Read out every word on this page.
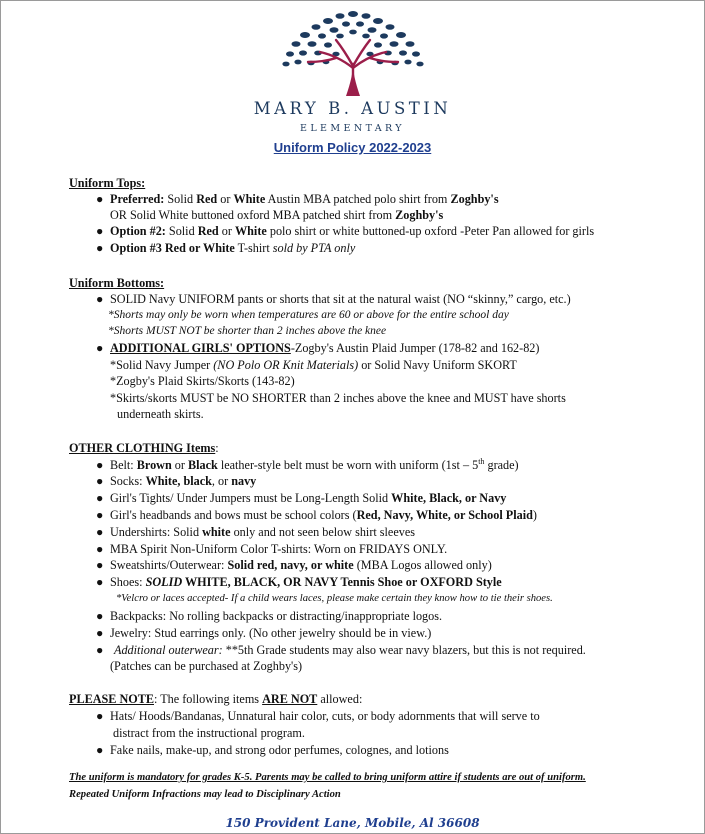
MARY B. AUSTIN
ELEMENTARY
Uniform Policy 2022-2023
Uniform Tops:
● Preferred: Solid Red or White Austin MBA patched polo shirt from Zoghby's
OR Solid White buttoned oxford MBA patched shirt from Zoghby's
● Option #2: Solid Red or White polo shirt or white buttoned-up oxford -Peter Pan allowed for girls
● Option #3 Red or White T-shirt sold by PTA only
Uniform Bottoms:
● SOLID Navy UNIFORM pants or shorts that sit at the natural waist (NO “skinny,” cargo, etc.)
*Shorts may only be worn when temperatures are 60 or above for the entire school day
*Shorts MUST NOT be shorter than 2 inches above the knee
● ADDITIONAL GIRLS' OPTIONS-Zogby's Austin Plaid Jumper (178-82 and 162-82)
*Solid Navy Jumper (NO Polo OR Knit Materials) or Solid Navy Uniform SKORT
*Zogby's Plaid Skirts/Skorts (143-82)
*Skirts/skorts MUST be NO SHORTER than 2 inches above the knee and MUST have shorts
underneath skirts.
OTHER CLOTHING Items:
● Belt: Brown or Black leather-style belt must be worn with uniform (1st – 5th grade)
● Socks: White, black, or navy
● Girl's Tights/ Under Jumpers must be Long-Length Solid White, Black, or Navy
● Girl's headbands and bows must be school colors (Red, Navy, White, or School Plaid)
● Undershirts: Solid white only and not seen below shirt sleeves
● MBA Spirit Non-Uniform Color T-shirts: Worn on FRIDAYS ONLY.
● Sweatshirts/Outerwear: Solid red, navy, or white (MBA Logos allowed only)
● Shoes: SOLID WHITE, BLACK, OR NAVY Tennis Shoe or OXFORD Style
*Velcro or laces accepted- If a child wears laces, please make certain they know how to tie their shoes.
● Backpacks: No rolling backpacks or distracting/inappropriate logos.
● Jewelry: Stud earrings only. (No other jewelry should be in view.)
● Additional outerwear: **5th Grade students may also wear navy blazers, but this is not required.
(Patches can be purchased at Zoghby's)
PLEASE NOTE: The following items ARE NOT allowed:
● Hats/ Hoods/Bandanas, Unnatural hair color, cuts, or body adornments that will serve to
distract from the instructional program.
● Fake nails, make-up, and strong odor perfumes, colognes, and lotions
The uniform is mandatory for grades K-5. Parents may be called to bring uniform attire if students are out of uniform.
Repeated Uniform Infractions may lead to Disciplinary Action
150 Provident Lane, Mobile, Al 36608
